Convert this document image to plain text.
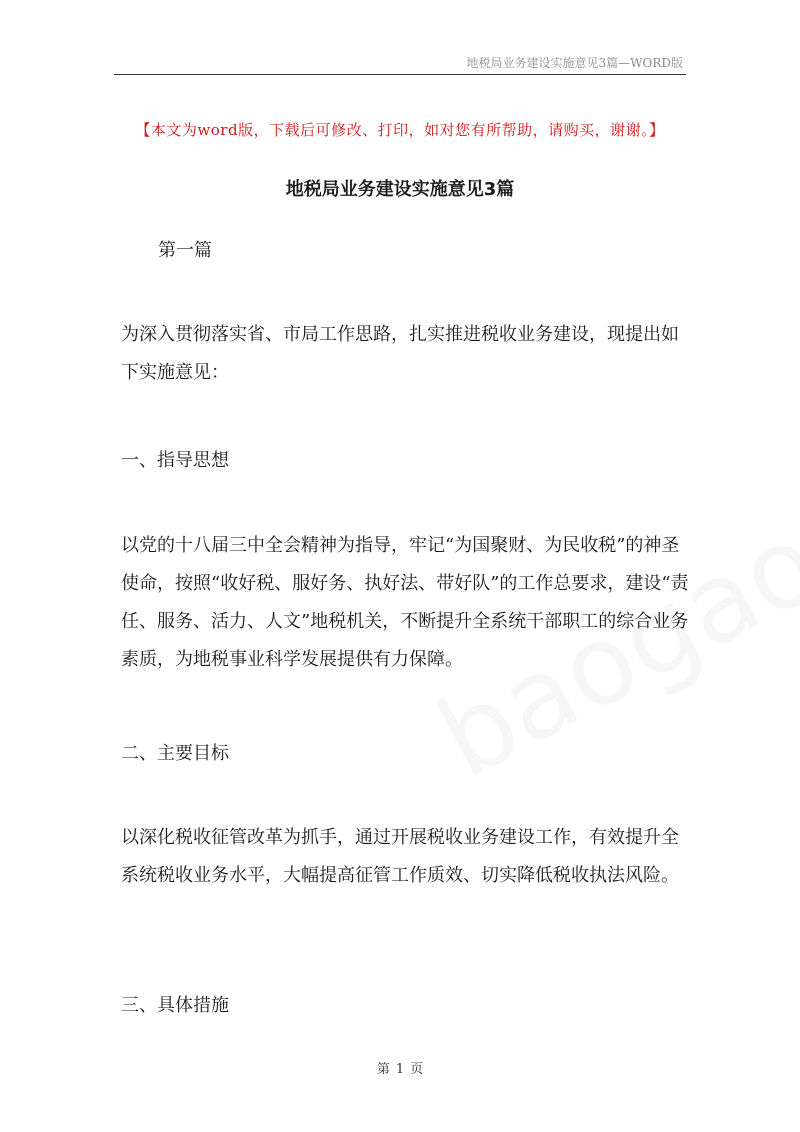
地税局业务建设实施意见3篇—WORD版
【本文为word版，下载后可修改、打印，如对您有所帮助，请购买，谢谢。】
地税局业务建设实施意见3篇
第一篇
为深入贯彻落实省、市局工作思路，扎实推进税收业务建设，现提出如下实施意见：
一、指导思想
以党的十八届三中全会精神为指导，牢记“为国聚财、为民收税”的神圣使命，按照“收好税、服好务、执好法、带好队”的工作总要求，建设“责任、服务、活力、人文”地税机关，不断提升全系统干部职工的综合业务素质，为地税事业科学发展提供有力保障。
二、主要目标
以深化税收征管改革为抓手，通过开展税收业务建设工作，有效提升全系统税收业务水平，大幅提高征管工作质效、切实降低税收执法风险。
三、具体措施
第 1 页
